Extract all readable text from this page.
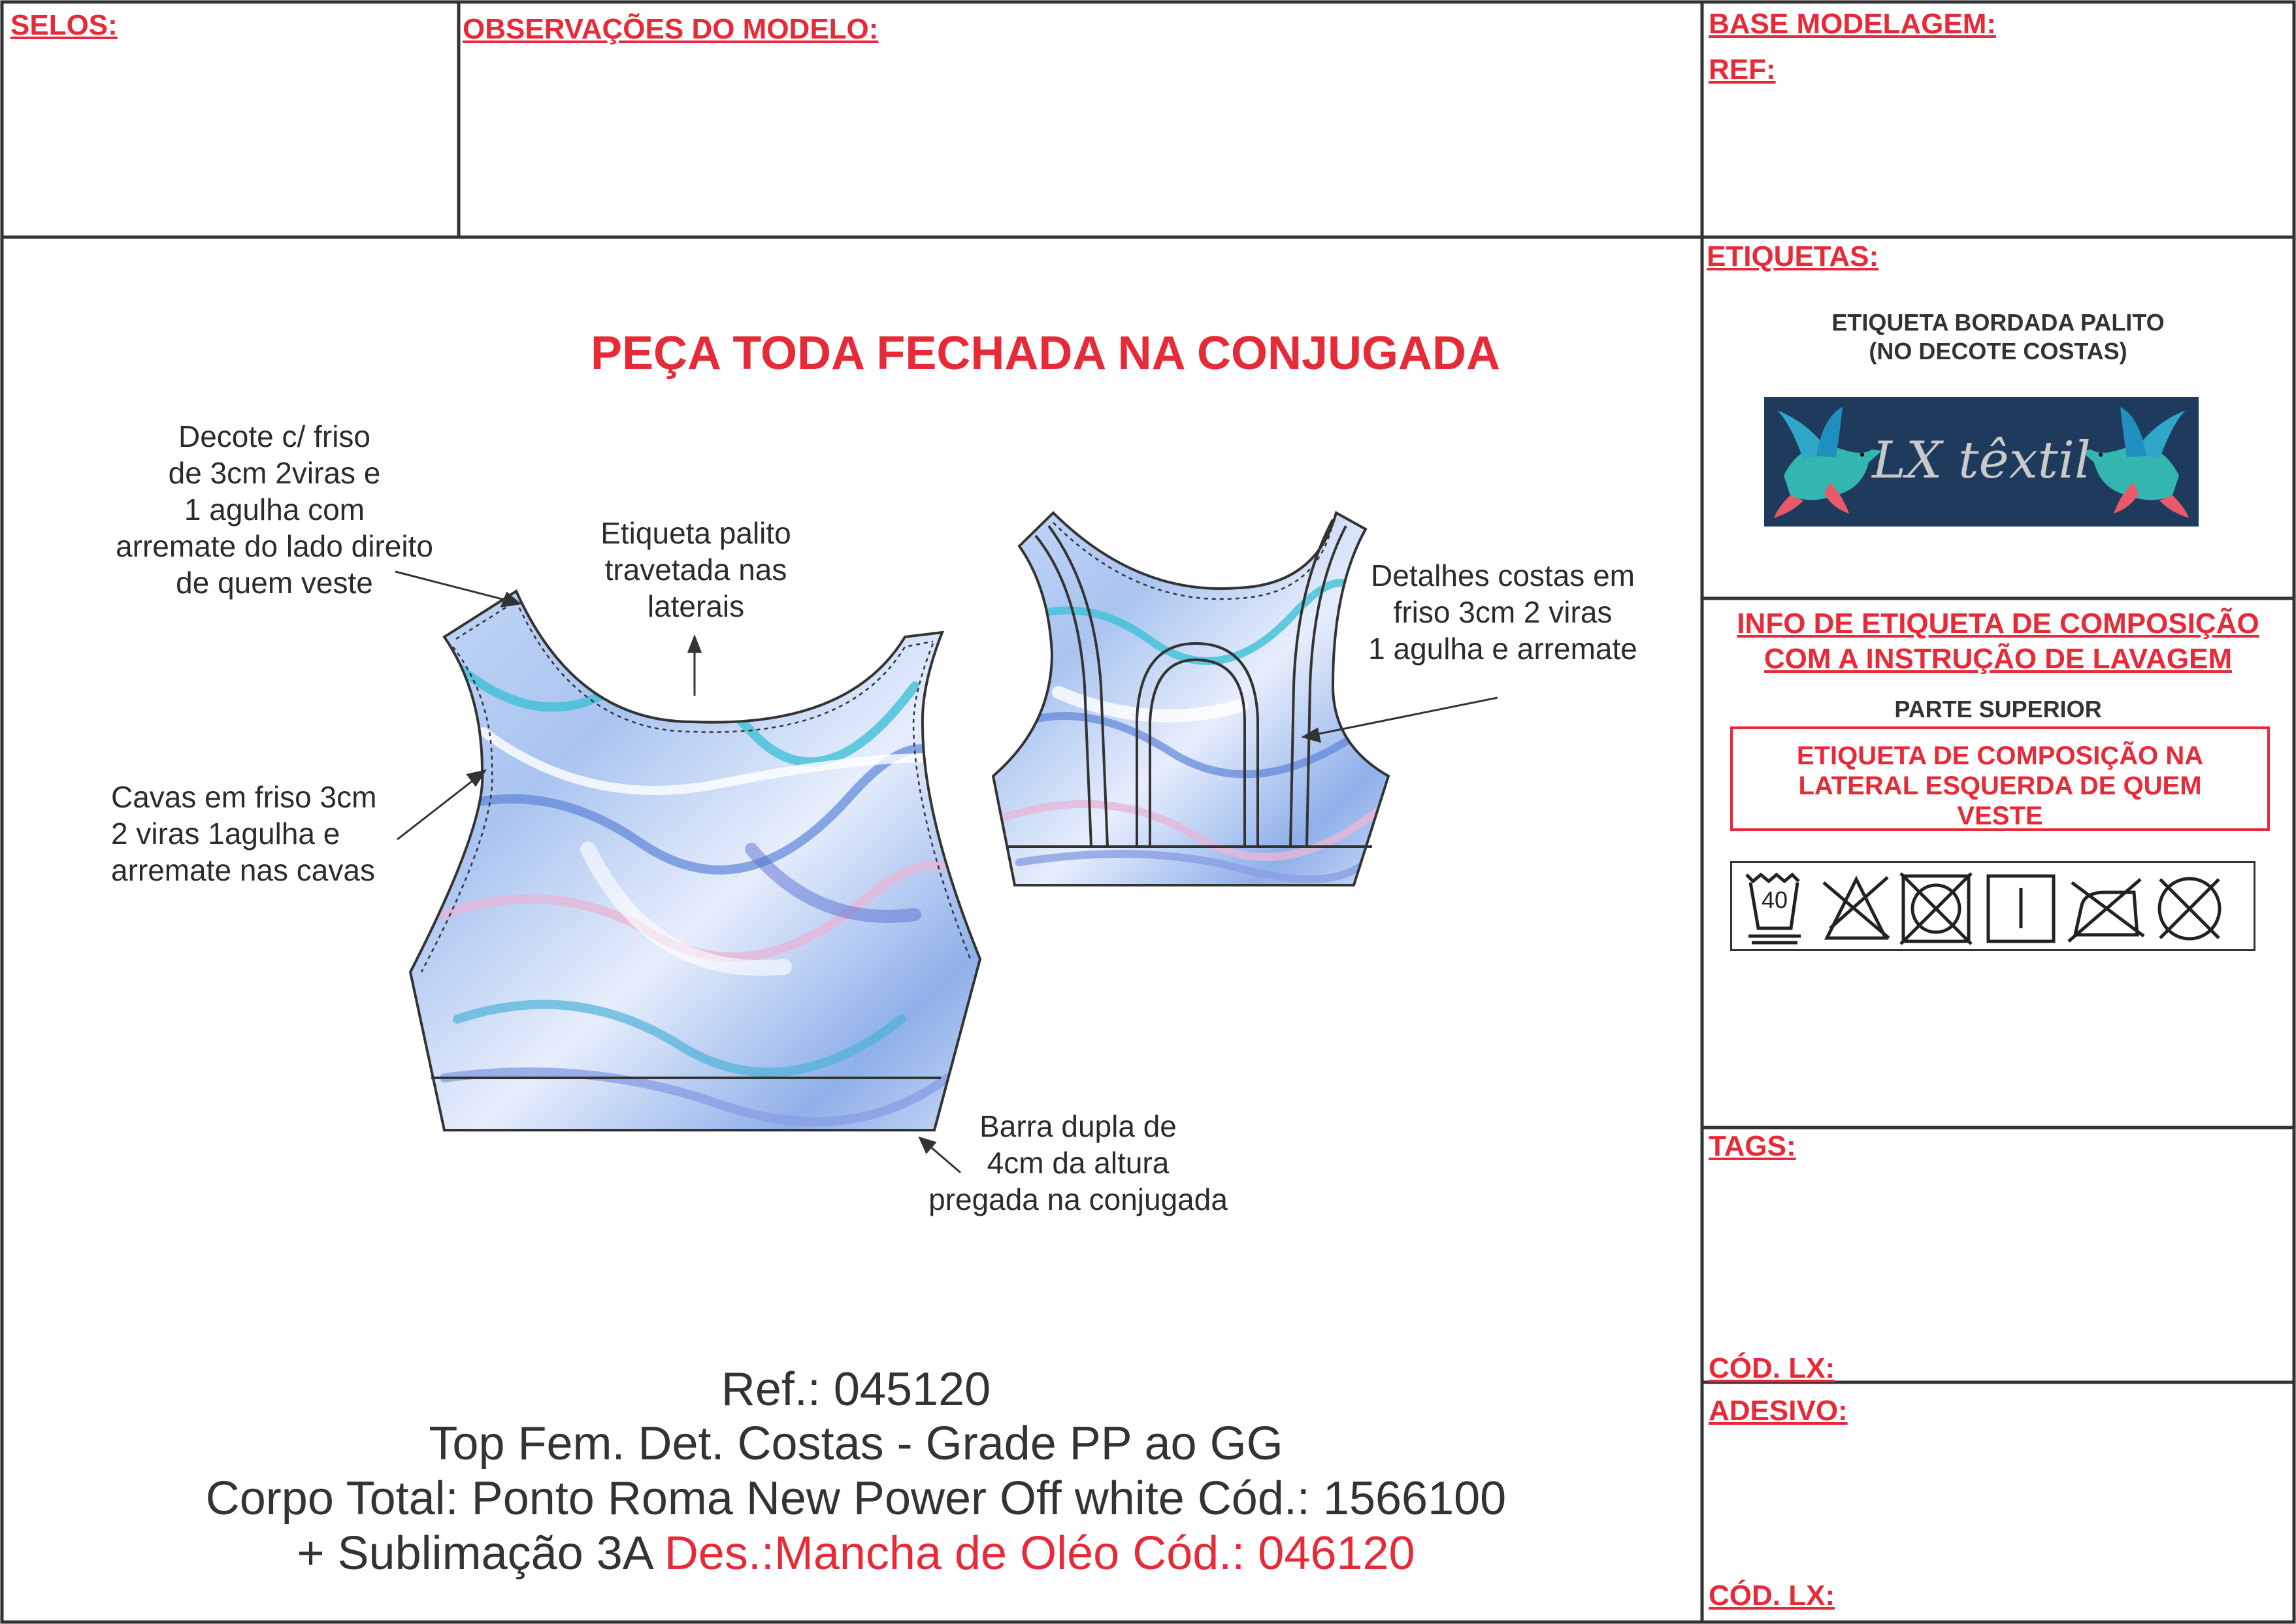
SELOS:	OBSERVAÇÕES DO MODELO:	BASE MODELAGEM:
REF:
PEÇA TODA FECHADA NA CONJUGADA
Decote c/ friso
de 3cm 2viras e
1 agulha com
arremate do lado direito
de quem veste
Etiqueta palito
travetada nas
laterais
Cavas em friso 3cm
2 viras 1agulha e
arremate nas cavas
Barra dupla de
4cm da altura
pregada na conjugada
Detalhes costas em
friso 3cm 2 viras
1 agulha e arremate
Ref.: 045120
Top Fem. Det. Costas - Grade PP ao GG
Corpo Total: Ponto Roma New Power Off white Cód.: 1566100
+ Sublimação 3A Des.:Mancha de Oléo Cód.: 046120
ETIQUETAS:
ETIQUETA BORDADA PALITO
(NO DECOTE COSTAS)
LX têxtil
INFO DE ETIQUETA DE COMPOSIÇÃO
COM A INSTRUÇÃO DE LAVAGEM
PARTE SUPERIOR
ETIQUETA DE COMPOSIÇÃO NA
LATERAL ESQUERDA DE QUEM
VESTE
40
TAGS:
CÓD. LX:
ADESIVO:
CÓD. LX:
